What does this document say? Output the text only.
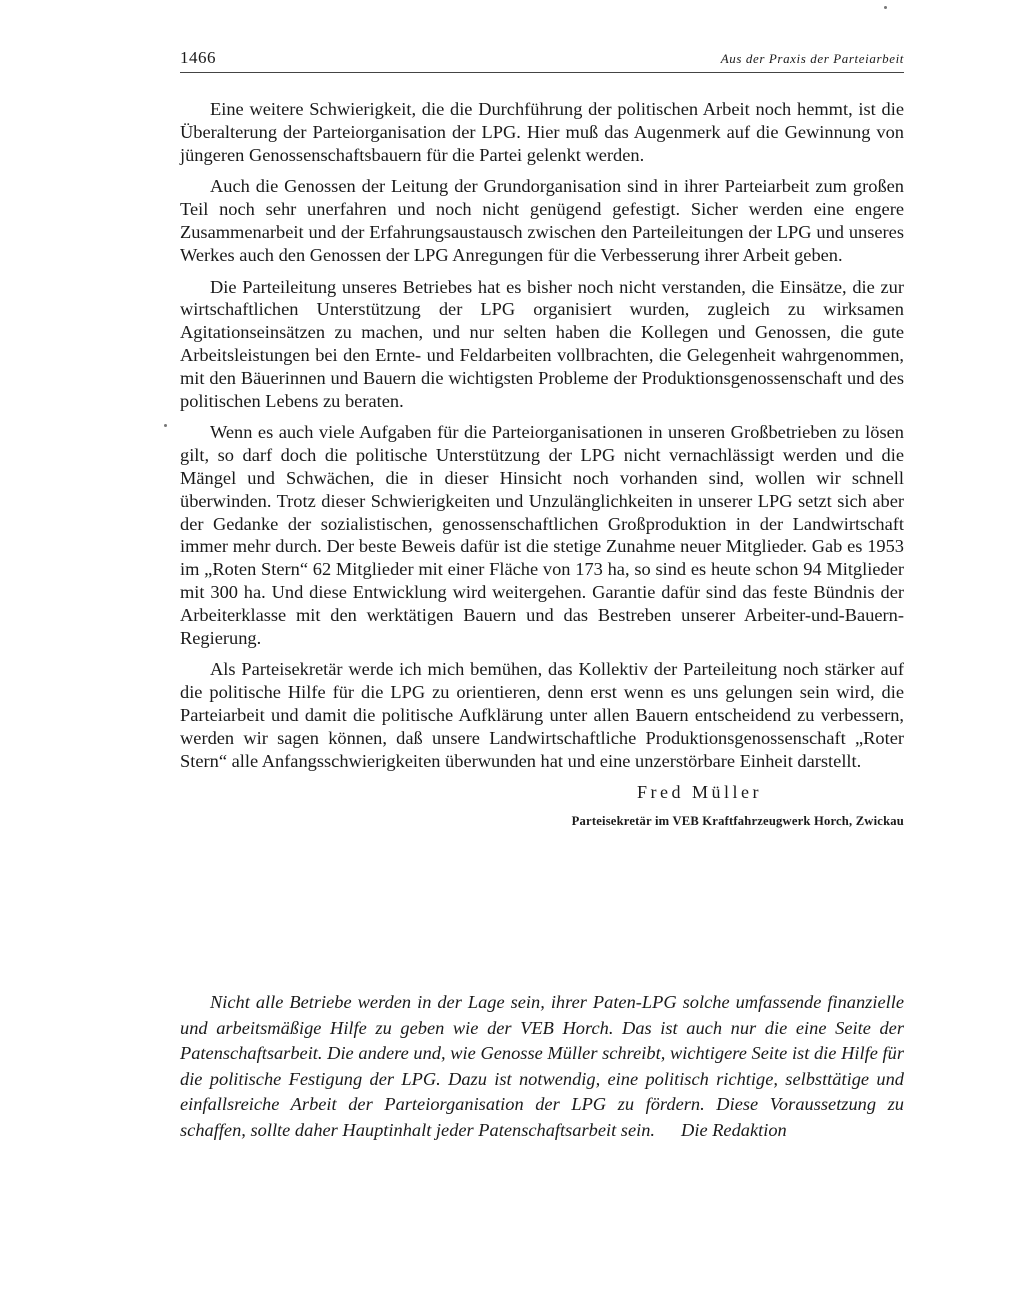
1466	Aus der Praxis der Parteiarbeit

Eine weitere Schwierigkeit, die die Durchführung der politischen Arbeit noch hemmt, ist die Überalterung der Parteiorganisation der LPG. Hier muß das Augenmerk auf die Gewinnung von jüngeren Genossenschaftsbauern für die Partei gelenkt werden.

Auch die Genossen der Leitung der Grundorganisation sind in ihrer Parteiarbeit zum großen Teil noch sehr unerfahren und noch nicht genügend gefestigt. Sicher werden eine engere Zusammenarbeit und der Erfahrungsaustausch zwischen den Parteileitungen der LPG und unseres Werkes auch den Genossen der LPG Anregungen für die Verbesserung ihrer Arbeit geben.

Die Parteileitung unseres Betriebes hat es bisher noch nicht verstanden, die Einsätze, die zur wirtschaftlichen Unterstützung der LPG organisiert wurden, zugleich zu wirksamen Agitationseinsätzen zu machen, und nur selten haben die Kollegen und Genossen, die gute Arbeitsleistungen bei den Ernte- und Feldarbeiten vollbrachten, die Gelegenheit wahrgenommen, mit den Bäuerinnen und Bauern die wichtigsten Probleme der Produktionsgenossenschaft und des politischen Lebens zu beraten.

Wenn es auch viele Aufgaben für die Parteiorganisationen in unseren Großbetrieben zu lösen gilt, so darf doch die politische Unterstützung der LPG nicht vernachlässigt werden und die Mängel und Schwächen, die in dieser Hinsicht noch vorhanden sind, wollen wir schnell überwinden. Trotz dieser Schwierigkeiten und Unzulänglichkeiten in unserer LPG setzt sich aber der Gedanke der sozialistischen, genossenschaftlichen Großproduktion in der Landwirtschaft immer mehr durch. Der beste Beweis dafür ist die stetige Zunahme neuer Mitglieder. Gab es 1953 im „Roten Stern“ 62 Mitglieder mit einer Fläche von 173 ha, so sind es heute schon 94 Mitglieder mit 300 ha. Und diese Entwicklung wird weitergehen. Garantie dafür sind das feste Bündnis der Arbeiterklasse mit den werktätigen Bauern und das Bestreben unserer Arbeiter-und-Bauern-Regierung.

Als Parteisekretär werde ich mich bemühen, das Kollektiv der Parteileitung noch stärker auf die politische Hilfe für die LPG zu orientieren, denn erst wenn es uns gelungen sein wird, die Parteiarbeit und damit die politische Aufklärung unter allen Bauern entscheidend zu verbessern, werden wir sagen können, daß unsere Landwirtschaftliche Produktionsgenossenschaft „Roter Stern“ alle Anfangsschwierigkeiten überwunden hat und eine unzerstörbare Einheit darstellt.

Fred Müller
Parteisekretär im VEB Kraftfahrzeugwerk Horch, Zwickau

Nicht alle Betriebe werden in der Lage sein, ihrer Paten-LPG solche umfassende finanzielle und arbeitsmäßige Hilfe zu geben wie der VEB Horch. Das ist auch nur die eine Seite der Patenschaftsarbeit. Die andere und, wie Genosse Müller schreibt, wichtigere Seite ist die Hilfe für die politische Festigung der LPG. Dazu ist notwendig, eine politisch richtige, selbsttätige und einfallsreiche Arbeit der Parteiorganisation der LPG zu fördern. Diese Voraussetzung zu schaffen, sollte daher Hauptinhalt jeder Patenschaftsarbeit sein. Die Redaktion
